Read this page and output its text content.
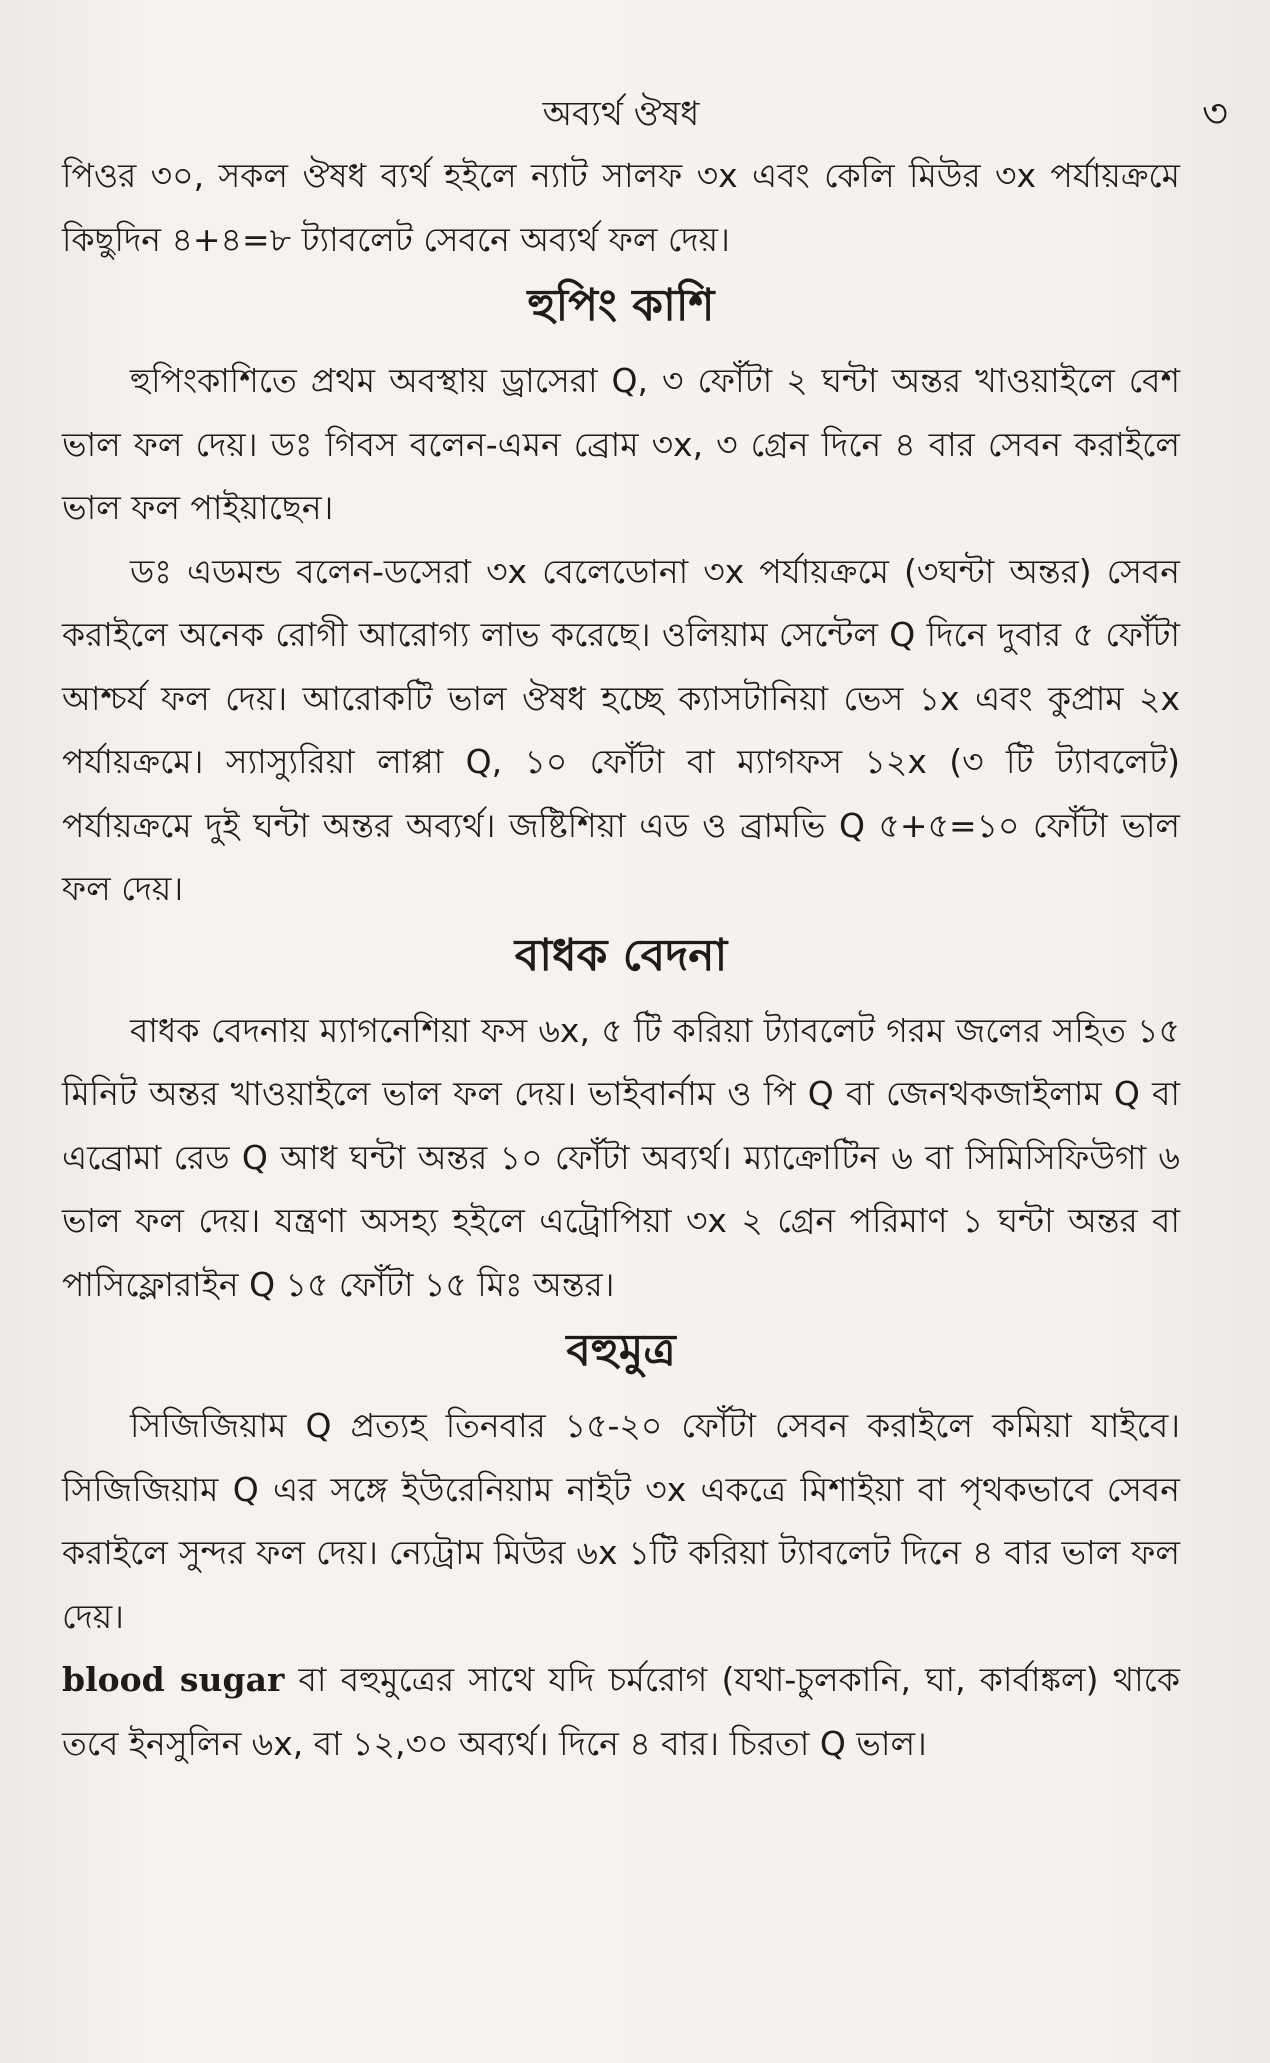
অব্যর্থ ঔষধ	৩

পিওর ৩০, সকল ঔষধ ব্যর্থ হইলে ন্যাট সালফ ৩x এবং কেলি মিউর ৩x পর্যায়ক্রমে কিছুদিন ৪+৪=৮ ট্যাবলেট সেবনে অব্যর্থ ফল দেয়।

হুপিং কাশি

হুপিংকাশিতে প্রথম অবস্থায় ড্রাসেরা Q, ৩ ফোঁটা ২ ঘন্টা অন্তর খাওয়াইলে বেশ ভাল ফল দেয়। ডঃ গিবস বলেন-এমন ব্রোম ৩x, ৩ গ্রেন দিনে ৪ বার সেবন করাইলে ভাল ফল পাইয়াছেন।

ডঃ এডমন্ড বলেন-ডসেরা ৩x বেলেডোনা ৩x পর্যায়ক্রমে (৩ঘন্টা অন্তর) সেবন করাইলে অনেক রোগী আরোগ্য লাভ করেছে। ওলিয়াম সেন্টেল Q দিনে দুবার ৫ ফোঁটা আশ্চর্য ফল দেয়। আরোকটি ভাল ঔষধ হচ্ছে ক্যাসটানিয়া ভেস ১x এবং কুপ্রাম ২x পর্যায়ক্রমে। স্যাস্যুরিয়া লাপ্পা Q, ১০ ফোঁটা বা ম্যাগফস ১২x (৩ টি ট্যাবলেট) পর্যায়ক্রমে দুই ঘন্টা অন্তর অব্যর্থ। জষ্টিশিয়া এড ও ব্রামভি Q ৫+৫=১০ ফোঁটা ভাল ফল দেয়।

বাধক বেদনা

বাধক বেদনায় ম্যাগনেশিয়া ফস ৬x, ৫ টি করিয়া ট্যাবলেট গরম জলের সহিত ১৫ মিনিট অন্তর খাওয়াইলে ভাল ফল দেয়। ভাইবার্নাম ও পি Q বা জেনথকজাইলাম Q বা এব্রোমা রেড Q আধ ঘন্টা অন্তর ১০ ফোঁটা অব্যর্থ। ম্যাক্রোটিন ৬ বা সিমিসিফিউগা ৬ ভাল ফল দেয়। যন্ত্রণা অসহ্য হইলে এট্রোপিয়া ৩x ২ গ্রেন পরিমাণ ১ ঘন্টা অন্তর বা পাসিফ্লোরাইন Q ১৫ ফোঁটা ১৫ মিঃ অন্তর।

বহুমুত্র

সিজিজিয়াম Q প্রত্যহ তিনবার ১৫-২০ ফোঁটা সেবন করাইলে কমিয়া যাইবে। সিজিজিয়াম Q এর সঙ্গে ইউরেনিয়াম নাইট ৩x একত্রে মিশাইয়া বা পৃথকভাবে সেবন করাইলে সুন্দর ফল দেয়। ন্যেট্রাম মিউর ৬x ১টি করিয়া ট্যাবলেট দিনে ৪ বার ভাল ফল দেয়।

blood sugar বা বহুমুত্রের সাথে যদি চর্মরোগ (যথা-চুলকানি, ঘা, কার্বাঙ্কল) থাকে তবে ইনসুলিন ৬x, বা ১২,৩০ অব্যর্থ। দিনে ৪ বার। চিরতা Q ভাল।
